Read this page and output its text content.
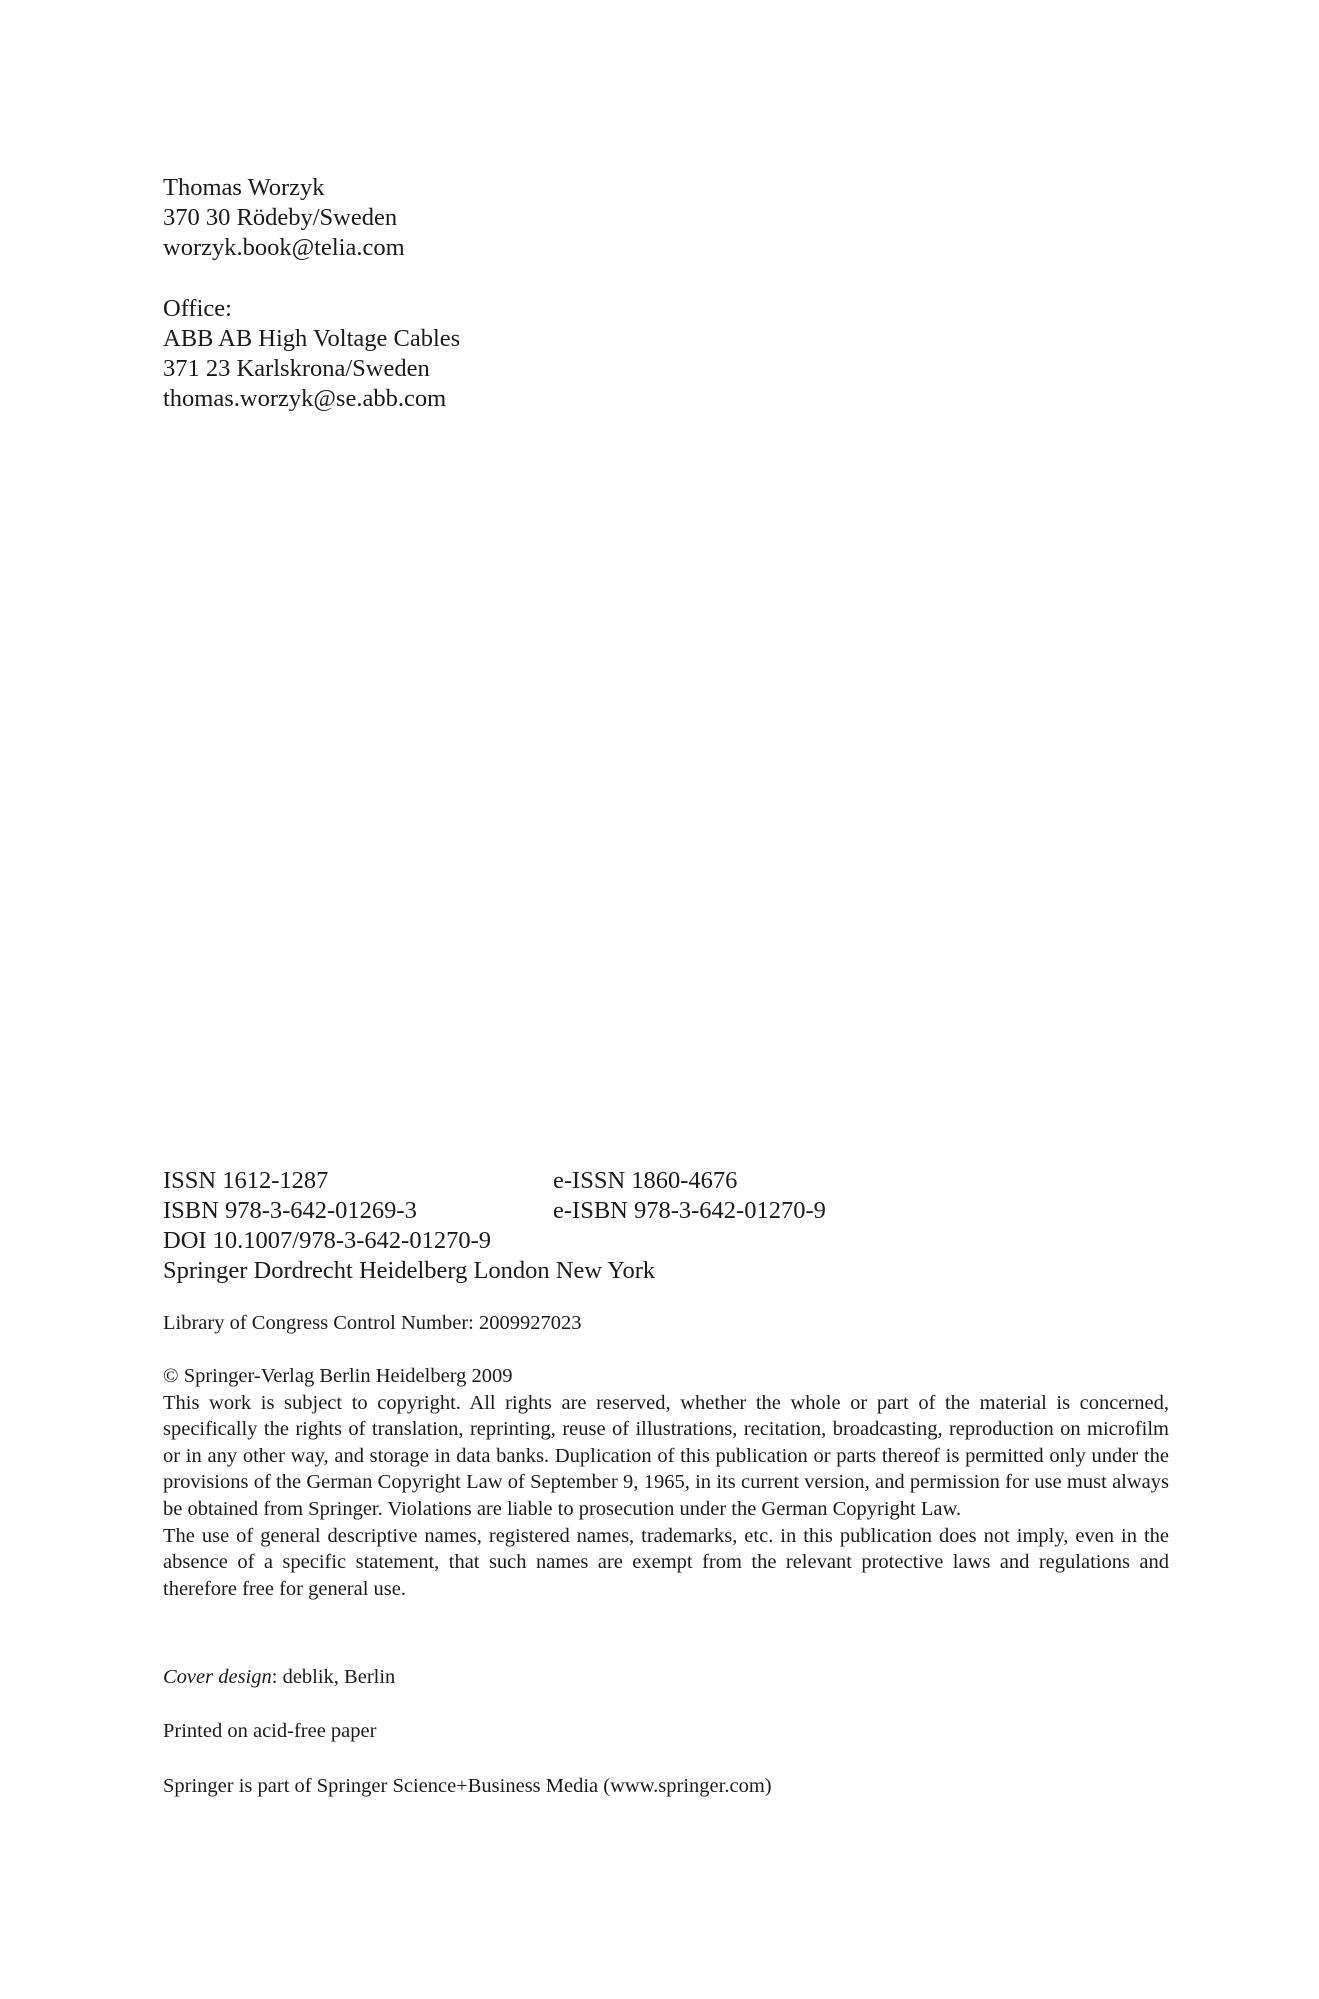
Thomas Worzyk
370 30 Rödeby/Sweden
worzyk.book@telia.com
Office:
ABB AB High Voltage Cables
371 23 Karlskrona/Sweden
thomas.worzyk@se.abb.com
ISSN 1612-1287	e-ISSN 1860-4676
ISBN 978-3-642-01269-3	e-ISBN 978-3-642-01270-9
DOI 10.1007/978-3-642-01270-9
Springer Dordrecht Heidelberg London New York
Library of Congress Control Number: 2009927023

© Springer-Verlag Berlin Heidelberg 2009

This work is subject to copyright. All rights are reserved, whether the whole or part of the material is concerned, specifically the rights of translation, reprinting, reuse of illustrations, recitation, broadcasting, reproduction on microfilm or in any other way, and storage in data banks. Duplication of this publication or parts thereof is permitted only under the provisions of the German Copyright Law of September 9, 1965, in its current version, and permission for use must always be obtained from Springer. Violations are liable to prosecution under the German Copyright Law.

The use of general descriptive names, registered names, trademarks, etc. in this publication does not imply, even in the absence of a specific statement, that such names are exempt from the relevant protective laws and regulations and therefore free for general use.

Cover design: deblik, Berlin
Printed on acid-free paper
Springer is part of Springer Science+Business Media (www.springer.com)
